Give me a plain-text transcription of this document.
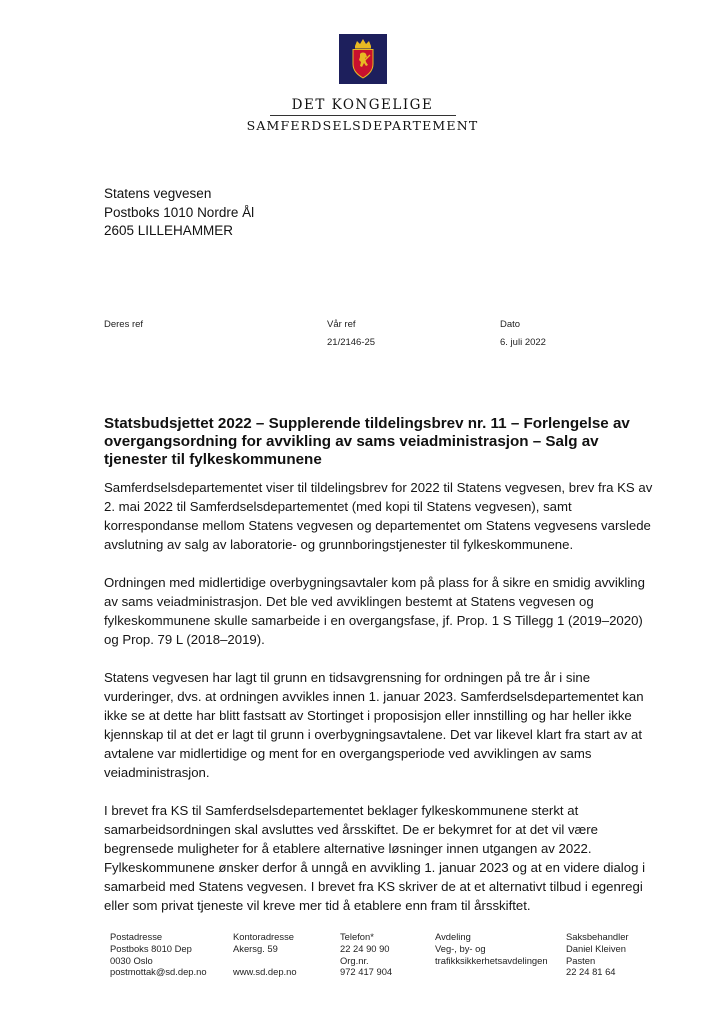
DET KONGELIGE
SAMFERDSELSDEPARTEMENT
Statens vegvesen
Postboks 1010 Nordre Ål
2605 LILLEHAMMER
Deres ref	Vår ref
21/2146-25
Dato
6. juli 2022
Statsbudsjettet 2022 – Supplerende tildelingsbrev nr. 11 – Forlengelse av overgangsordning for avvikling av sams veiadministrasjon – Salg av tjenester til fylkeskommunene

Samferdselsdepartementet viser til tildelingsbrev for 2022 til Statens vegvesen, brev fra KS av 2. mai 2022 til Samferdselsdepartementet (med kopi til Statens vegvesen), samt korrespondanse mellom Statens vegvesen og departementet om Statens vegvesens varslede avslutning av salg av laboratorie- og grunnboringstjenester til fylkeskommunene.

Ordningen med midlertidige overbygningsavtaler kom på plass for å sikre en smidig avvikling av sams veiadministrasjon. Det ble ved avviklingen bestemt at Statens vegvesen og fylkeskommunene skulle samarbeide i en overgangsfase, jf. Prop. 1 S Tillegg 1 (2019–2020) og Prop. 79 L (2018–2019).

Statens vegvesen har lagt til grunn en tidsavgrensning for ordningen på tre år i sine vurderinger, dvs. at ordningen avvikles innen 1. januar 2023. Samferdselsdepartementet kan ikke se at dette har blitt fastsatt av Stortinget i proposisjon eller innstilling og har heller ikke kjennskap til at det er lagt til grunn i overbygningsavtalene. Det var likevel klart fra start av at avtalene var midlertidige og ment for en overgangsperiode ved avviklingen av sams veiadministrasjon.

I brevet fra KS til Samferdselsdepartementet beklager fylkeskommunene sterkt at samarbeidsordningen skal avsluttes ved årsskiftet. De er bekymret for at det vil være begrensede muligheter for å etablere alternative løsninger innen utgangen av 2022. Fylkeskommunene ønsker derfor å unngå en avvikling 1. januar 2023 og at en videre dialog i samarbeid med Statens vegvesen. I brevet fra KS skriver de at et alternativt tilbud i egenregi eller som privat tjeneste vil kreve mer tid å etablere enn fram til årsskiftet.

Postadresse
Postboks 8010 Dep
0030 Oslo
postmottak@sd.dep.no
Kontoradresse
Akersg. 59
www.sd.dep.no
Telefon*
22 24 90 90
Org.nr.
972 417 904
Avdeling
Veg-, by- og
trafikksikkerhetsavdelingen
Saksbehandler
Daniel Kleiven
Pasten
22 24 81 64
